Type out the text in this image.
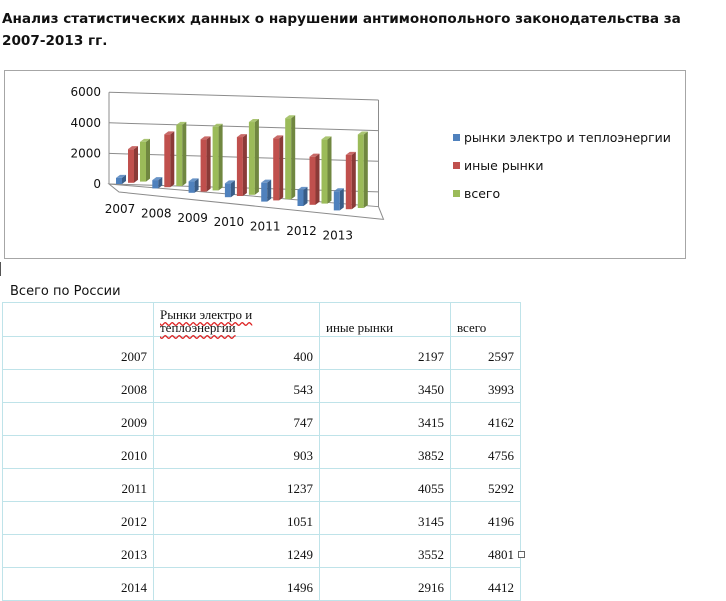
Анализ статистических данных о нарушении антимонопольного законодательства за 2007-2013 гг.
0
2000
4000
6000
2007 2008 2009 2010 2011 2012 2013
рынки электро и теплоэнергии
иные рынки
всего
Всего по России
	Рынки электро и теплоэнергии	иные рынки	всего
2007	400	2197	2597
2008	543	3450	3993
2009	747	3415	4162
2010	903	3852	4756
2011	1237	4055	5292
2012	1051	3145	4196
2013	1249	3552	4801
2014	1496	2916	4412
